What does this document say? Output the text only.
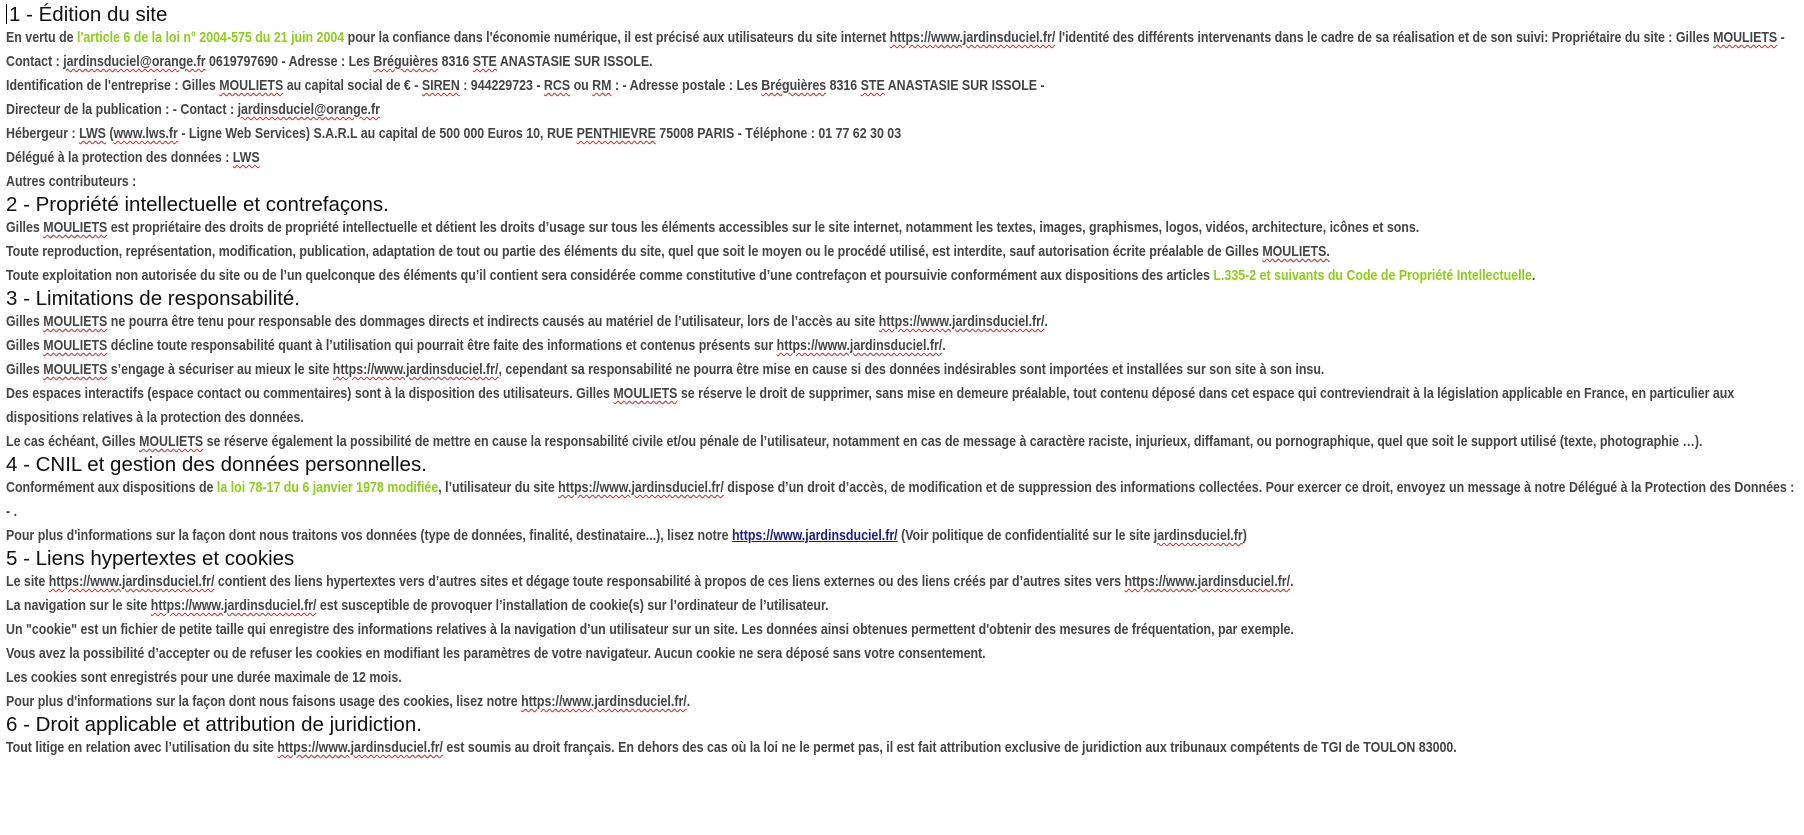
1 - Édition du site

En vertu de l'article 6 de la loi n° 2004-575 du 21 juin 2004 pour la confiance dans l'économie numérique, il est précisé aux utilisateurs du site internet https://www.jardinsduciel.fr/ l'identité des différents intervenants dans le cadre de sa réalisation et de son suivi: Propriétaire du site : Gilles MOULIETS - Contact : jardinsduciel@orange.fr 0619797690 - Adresse : Les Bréguières 8316 STE ANASTASIE SUR ISSOLE.

Identification de l'entreprise : Gilles MOULIETS au capital social de € - SIREN : 944229723 - RCS ou RM : - Adresse postale : Les Bréguières 8316 STE ANASTASIE SUR ISSOLE -

Directeur de la publication : - Contact : jardinsduciel@orange.fr

Hébergeur : LWS (www.lws.fr - Ligne Web Services) S.A.R.L au capital de 500 000 Euros 10, RUE PENTHIEVRE 75008 PARIS - Téléphone : 01 77 62 30 03

Délégué à la protection des données : LWS

Autres contributeurs :

2 - Propriété intellectuelle et contrefaçons.

Gilles MOULIETS est propriétaire des droits de propriété intellectuelle et détient les droits d’usage sur tous les éléments accessibles sur le site internet, notamment les textes, images, graphismes, logos, vidéos, architecture, icônes et sons.

Toute reproduction, représentation, modification, publication, adaptation de tout ou partie des éléments du site, quel que soit le moyen ou le procédé utilisé, est interdite, sauf autorisation écrite préalable de Gilles MOULIETS.

Toute exploitation non autorisée du site ou de l’un quelconque des éléments qu’il contient sera considérée comme constitutive d’une contrefaçon et poursuivie conformément aux dispositions des articles L.335-2 et suivants du Code de Propriété Intellectuelle.

3 - Limitations de responsabilité.

Gilles MOULIETS ne pourra être tenu pour responsable des dommages directs et indirects causés au matériel de l’utilisateur, lors de l’accès au site https://www.jardinsduciel.fr/.

Gilles MOULIETS décline toute responsabilité quant à l’utilisation qui pourrait être faite des informations et contenus présents sur https://www.jardinsduciel.fr/.

Gilles MOULIETS s’engage à sécuriser au mieux le site https://www.jardinsduciel.fr/, cependant sa responsabilité ne pourra être mise en cause si des données indésirables sont importées et installées sur son site à son insu.

Des espaces interactifs (espace contact ou commentaires) sont à la disposition des utilisateurs. Gilles MOULIETS se réserve le droit de supprimer, sans mise en demeure préalable, tout contenu déposé dans cet espace qui contreviendrait à la législation applicable en France, en particulier aux dispositions relatives à la protection des données.

Le cas échéant, Gilles MOULIETS se réserve également la possibilité de mettre en cause la responsabilité civile et/ou pénale de l’utilisateur, notamment en cas de message à caractère raciste, injurieux, diffamant, ou pornographique, quel que soit le support utilisé (texte, photographie …).

4 - CNIL et gestion des données personnelles.

Conformément aux dispositions de la loi 78-17 du 6 janvier 1978 modifiée, l’utilisateur du site https://www.jardinsduciel.fr/ dispose d’un droit d’accès, de modification et de suppression des informations collectées. Pour exercer ce droit, envoyez un message à notre Délégué à la Protection des Données : - .

Pour plus d'informations sur la façon dont nous traitons vos données (type de données, finalité, destinataire...), lisez notre https://www.jardinsduciel.fr/ (Voir politique de confidentialité sur le site jardinsduciel.fr)

5 - Liens hypertextes et cookies

Le site https://www.jardinsduciel.fr/ contient des liens hypertextes vers d’autres sites et dégage toute responsabilité à propos de ces liens externes ou des liens créés par d’autres sites vers https://www.jardinsduciel.fr/.

La navigation sur le site https://www.jardinsduciel.fr/ est susceptible de provoquer l’installation de cookie(s) sur l’ordinateur de l’utilisateur.

Un "cookie" est un fichier de petite taille qui enregistre des informations relatives à la navigation d’un utilisateur sur un site. Les données ainsi obtenues permettent d'obtenir des mesures de fréquentation, par exemple.

Vous avez la possibilité d’accepter ou de refuser les cookies en modifiant les paramètres de votre navigateur. Aucun cookie ne sera déposé sans votre consentement.

Les cookies sont enregistrés pour une durée maximale de 12 mois.

Pour plus d'informations sur la façon dont nous faisons usage des cookies, lisez notre https://www.jardinsduciel.fr/.

6 - Droit applicable et attribution de juridiction.

Tout litige en relation avec l’utilisation du site https://www.jardinsduciel.fr/ est soumis au droit français. En dehors des cas où la loi ne le permet pas, il est fait attribution exclusive de juridiction aux tribunaux compétents de TGI de TOULON 83000.
